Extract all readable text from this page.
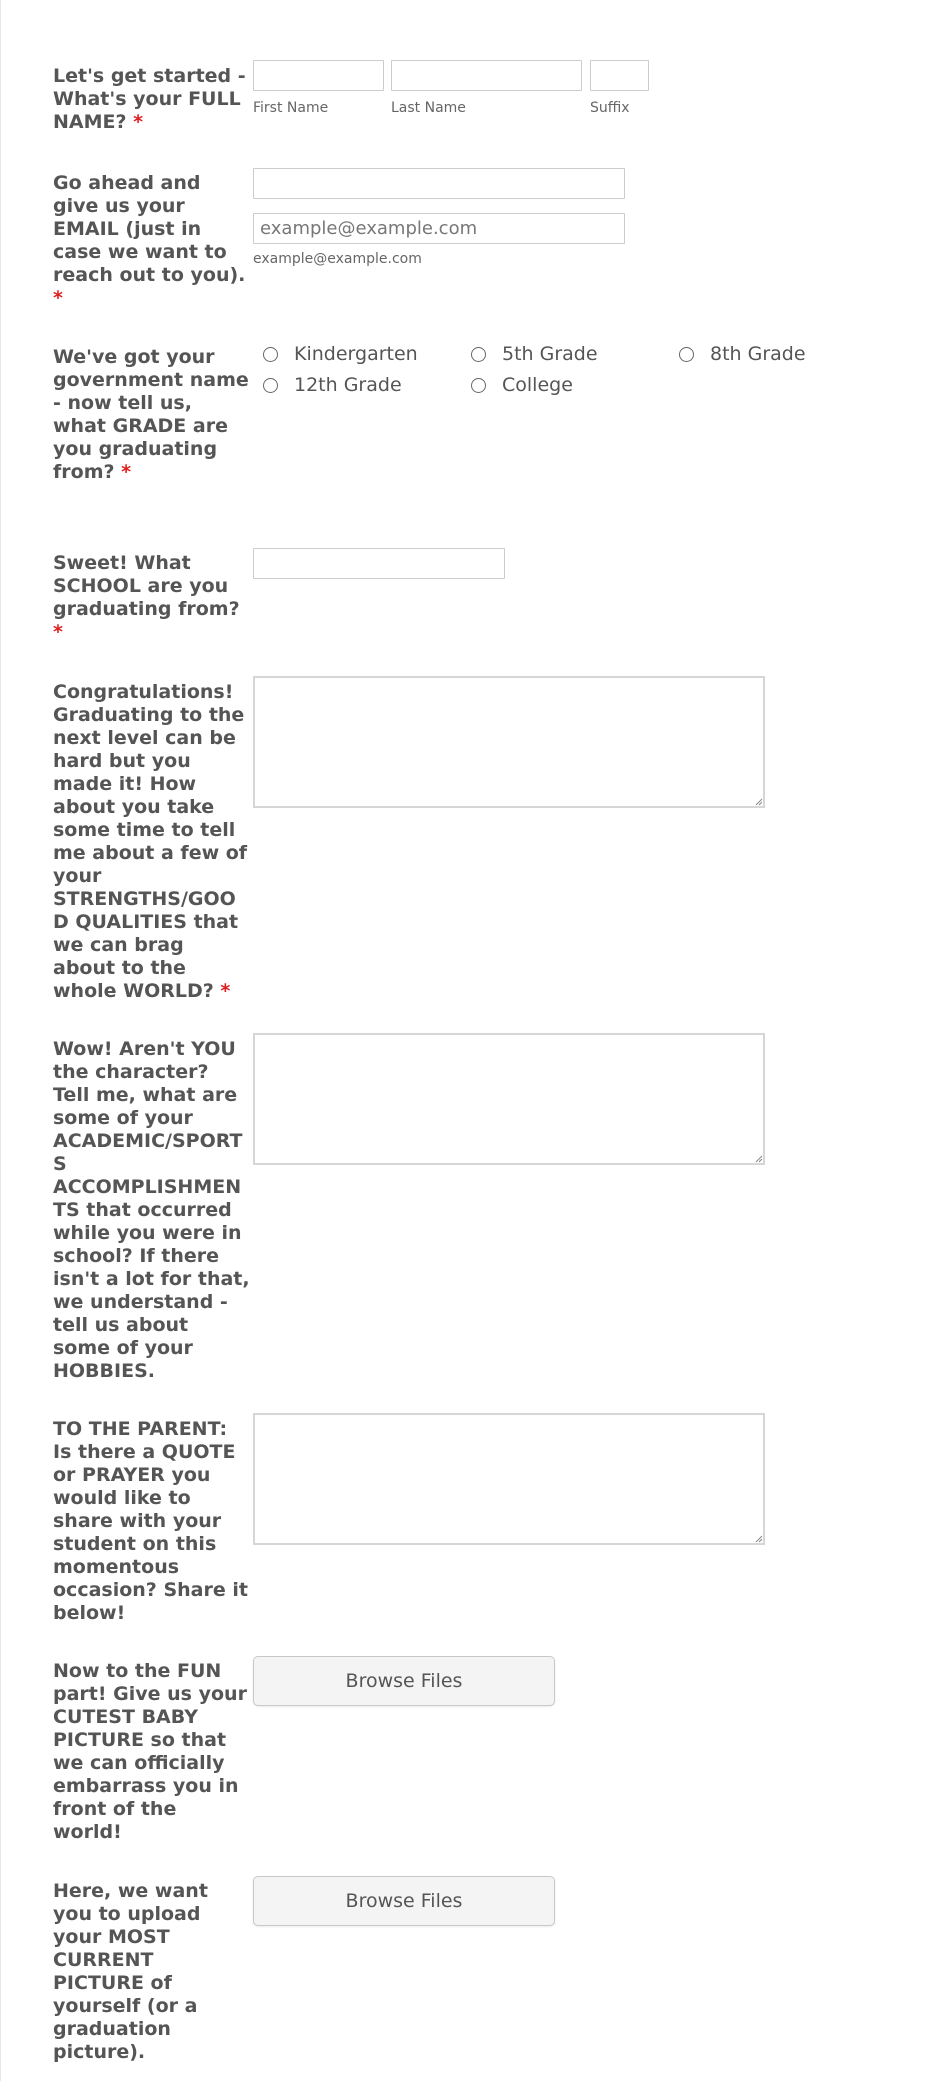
Let's get started - What's your FULL NAME? *
First Name	Last Name	Suffix
Go ahead and give us your EMAIL (just in case we want to reach out to you). *
example@example.com
example@example.com
We've got your government name - now tell us, what GRADE are you graduating from? *
Kindergarten	5th Grade	8th Grade
12th Grade	College
Sweet! What SCHOOL are you graduating from? *
Congratulations! Graduating to the next level can be hard but you made it! How about you take some time to tell me about a few of your STRENGTHS/GOOD QUALITIES that we can brag about to the whole WORLD? *
Wow! Aren't YOU the character? Tell me, what are some of your ACADEMIC/SPORTS ACCOMPLISHMENTS that occurred while you were in school? If there isn't a lot for that, we understand - tell us about some of your HOBBIES.
TO THE PARENT: Is there a QUOTE or PRAYER you would like to share with your student on this momentous occasion? Share it below!
Now to the FUN part! Give us your CUTEST BABY PICTURE so that we can officially embarrass you in front of the world!
Browse Files
Here, we want you to upload your MOST CURRENT PICTURE of yourself (or a graduation picture).
Browse Files
